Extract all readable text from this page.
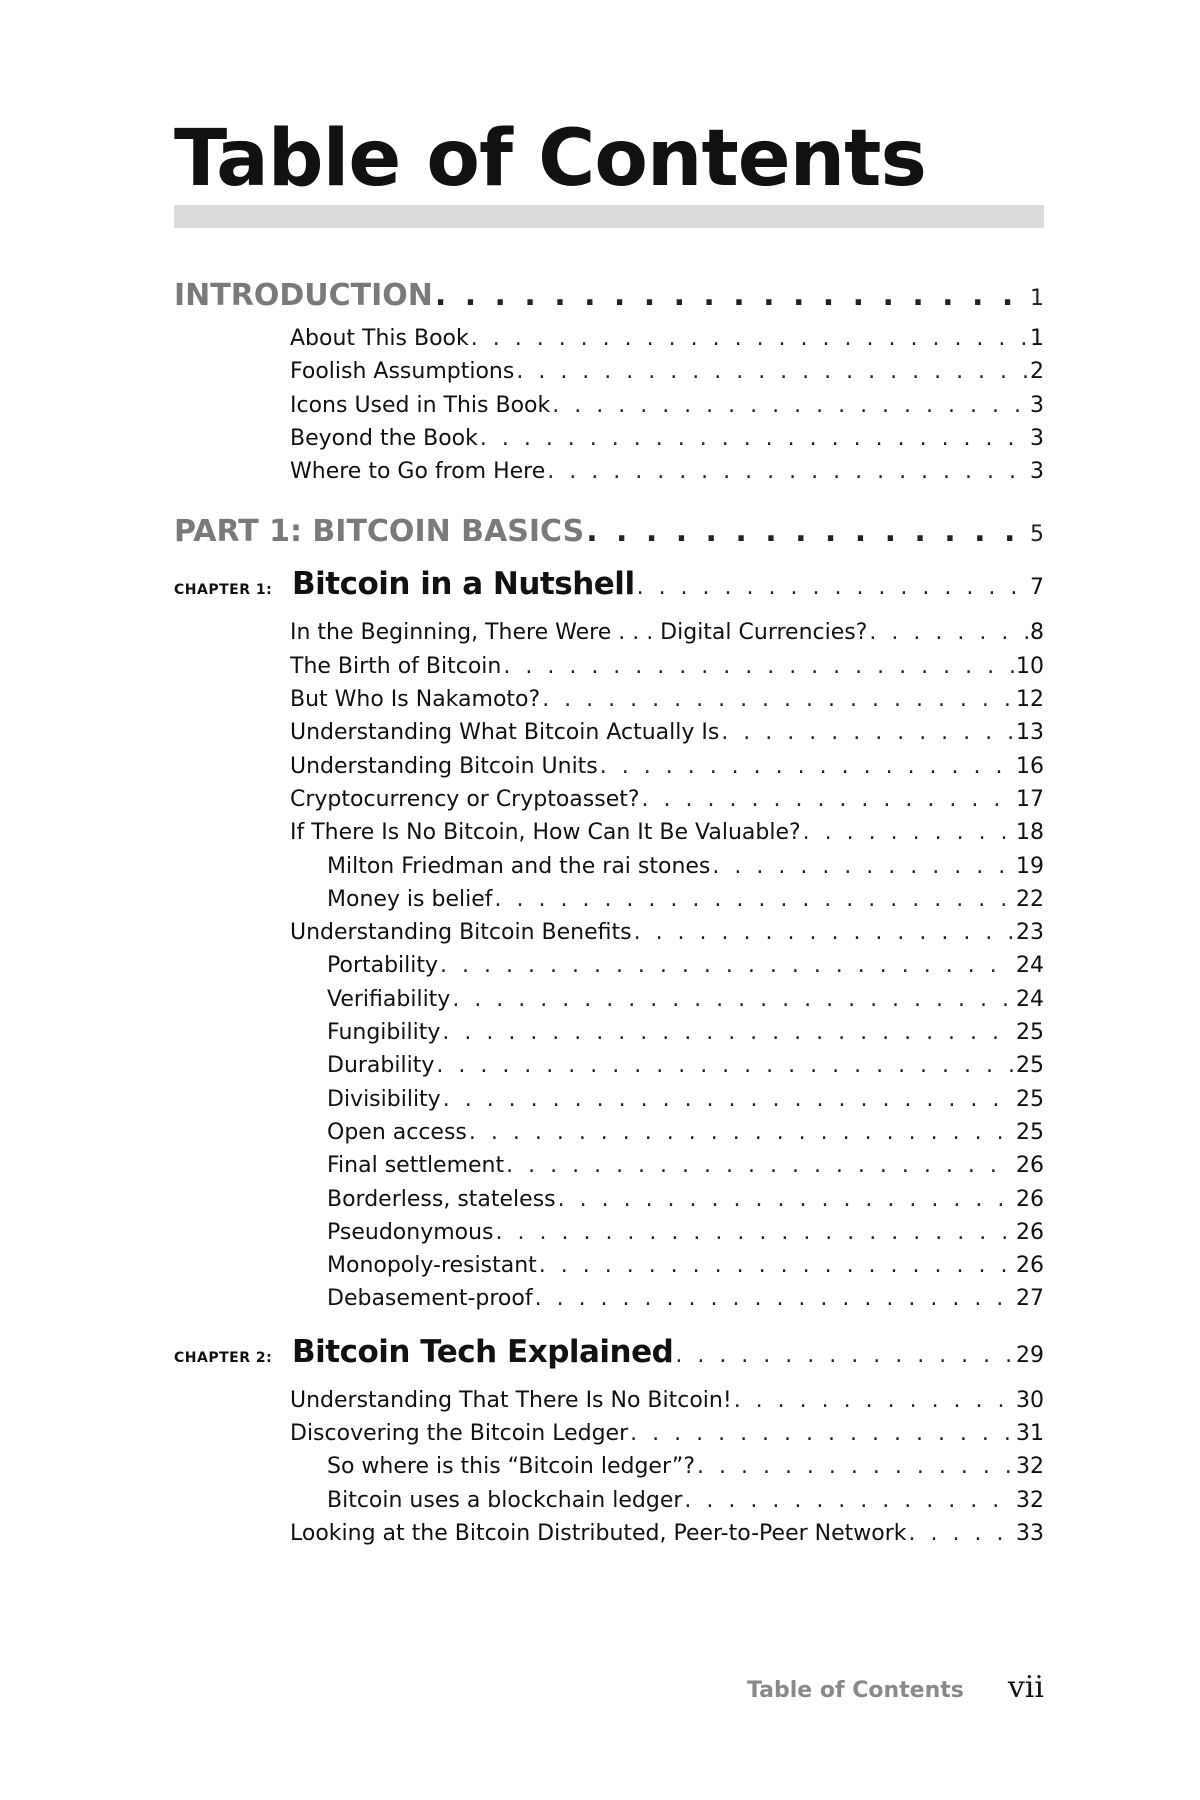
Table of Contents
INTRODUCTION . . .	1
About This Book . . .	1
Foolish Assumptions . . .	2
Icons Used in This Book . . .	3
Beyond the Book . . .	3
Where to Go from Here . . .	3
PART 1: BITCOIN BASICS . . .	5
CHAPTER 1: Bitcoin in a Nutshell . . .	7
In the Beginning, There Were . . . Digital Currencies? . . .	8
The Birth of Bitcoin . . .	10
But Who Is Nakamoto? . . .	12
Understanding What Bitcoin Actually Is . . .	13
Understanding Bitcoin Units . . .	16
Cryptocurrency or Cryptoasset? . . .	17
If There Is No Bitcoin, How Can It Be Valuable? . . .	18
Milton Friedman and the rai stones . . .	19
Money is belief . . .	22
Understanding Bitcoin Benefits . . .	23
Portability . . .	24
Verifiability . . .	24
Fungibility . . .	25
Durability . . .	25
Divisibility . . .	25
Open access . . .	25
Final settlement . . .	26
Borderless, stateless . . .	26
Pseudonymous . . .	26
Monopoly-resistant . . .	26
Debasement-proof . . .	27
CHAPTER 2: Bitcoin Tech Explained . . .	29
Understanding That There Is No Bitcoin! . . .	30
Discovering the Bitcoin Ledger . . .	31
So where is this “Bitcoin ledger”? . . .	32
Bitcoin uses a blockchain ledger . . .	32
Looking at the Bitcoin Distributed, Peer-to-Peer Network . . .	33
Table of Contents vii
